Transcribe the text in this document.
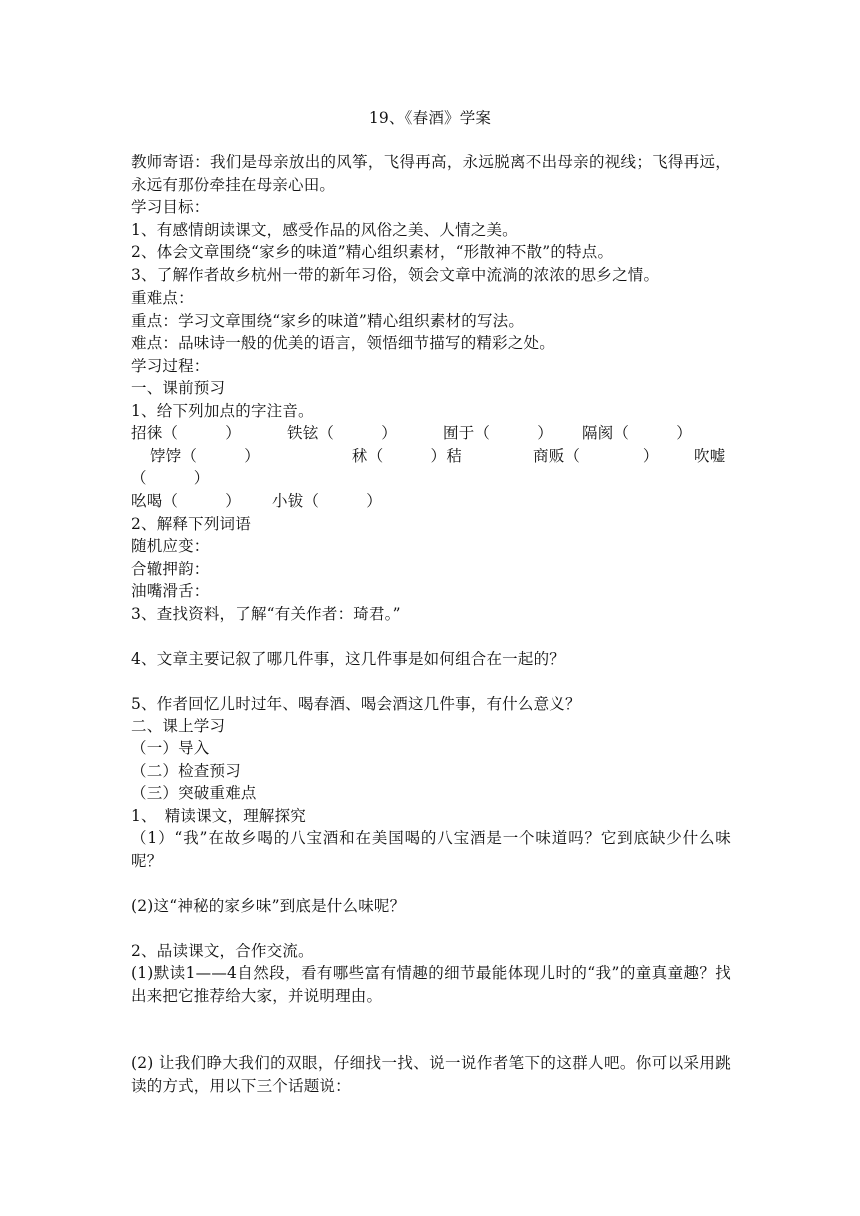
19、《春酒》学案
教师寄语：我们是母亲放出的风筝，飞得再高，永远脱离不出母亲的视线；飞得再远，永远有那份牵挂在母亲心田。
学习目标：
1、有感情朗读课文，感受作品的风俗之美、人情之美。
2、体会文章围绕“家乡的味道”精心组织素材，“形散神不散”的特点。
3、了解作者故乡杭州一带的新年习俗，领会文章中流淌的浓浓的思乡之情。
重难点：
重点：学习文章围绕“家乡的味道”精心组织素材的写法。
难点：品味诗一般的优美的语言，领悟细节描写的精彩之处。
学习过程：
一、课前预习
1、给下列加点的字注音。
招徕（　　　）	铁铉（　　　）	囿于（　　　） 隔阂（　　　）
饽饽（　　　）	秫（　　　）秸	商贩（　　　　） 吹嘘
（　　　）
吆喝（　　　） 小钹（　　　）
2、解释下列词语
随机应变：
合辙押韵：
油嘴滑舌：
3、查找资料，了解“有关作者：琦君。”
4、文章主要记叙了哪几件事，这几件事是如何组合在一起的？
5、作者回忆儿时过年、喝春酒、喝会酒这几件事，有什么意义？
二、课上学习
（一）导入
（二）检查预习
（三）突破重难点
1、　精读课文，理解探究
（1）“我”在故乡喝的八宝酒和在美国喝的八宝酒是一个味道吗？它到底缺少什么味呢？
(2)这“神秘的家乡味”到底是什么味呢？
2、品读课文，合作交流。
(1)默读1——4自然段，看有哪些富有情趣的细节最能体现儿时的“我”的童真童趣？找出来把它推荐给大家，并说明理由。
(2) 让我们睁大我们的双眼，仔细找一找、说一说作者笔下的这群人吧。你可以采用跳读的方式，用以下三个话题说：
